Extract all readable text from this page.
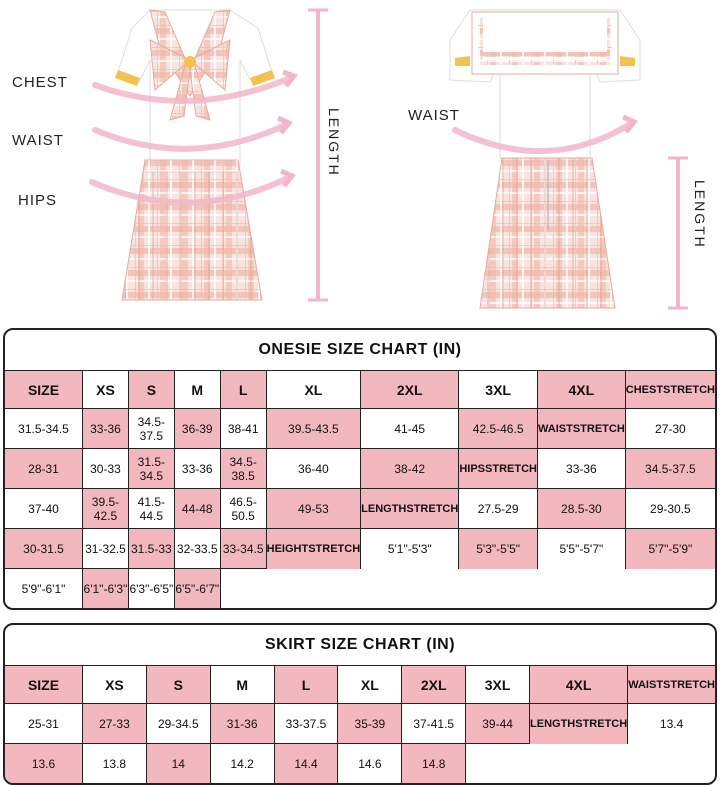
CHEST
WAIST
HIPS
LENGTH	WAIST
LENGTH
ONESIE SIZE CHART (IN)
SIZE	XS	S	M	L	XL	2XL	3XL	4XL	CHEST STRETCH
31.5-34.5	33-36	34.5-37.5	36-39	38-41	39.5-43.5	41-45	42.5-46.5	WAIST STRETCH	27-30
28-31	30-33	31.5-34.5	33-36	34.5-38.5	36-40	38-42	HIPS STRETCH	33-36	34.5-37.5
37-40	39.5-42.5
41.5-44.5	44-48	46.5-50.5	49-53	LENGTH STRETCH	27.5-29	28.5-30	29-30.5
30-31.5	31-32.5 31.5-33 32-33.5 33-34.5 HEIGHT STRETCH	5'1"-5'3"	5'3"-5'5"	5'5"-5'7"	5'7"-5'9"
5'9"-6'1"	6'1"-6'3" 6'3"-6'5" 6'5"-6'7"
SKIRT SIZE CHART (IN)
SIZE	XS	S	M	L	XL	2XL	3XL	4XL	WAIST STRETCH
25-31	27-33	29-34.5	31-36	33-37.5	35-39	37-41.5	39-44	LENGTH STRETCH	13.4
13.6	13.8	14	14.2	14.4	14.6	14.8
